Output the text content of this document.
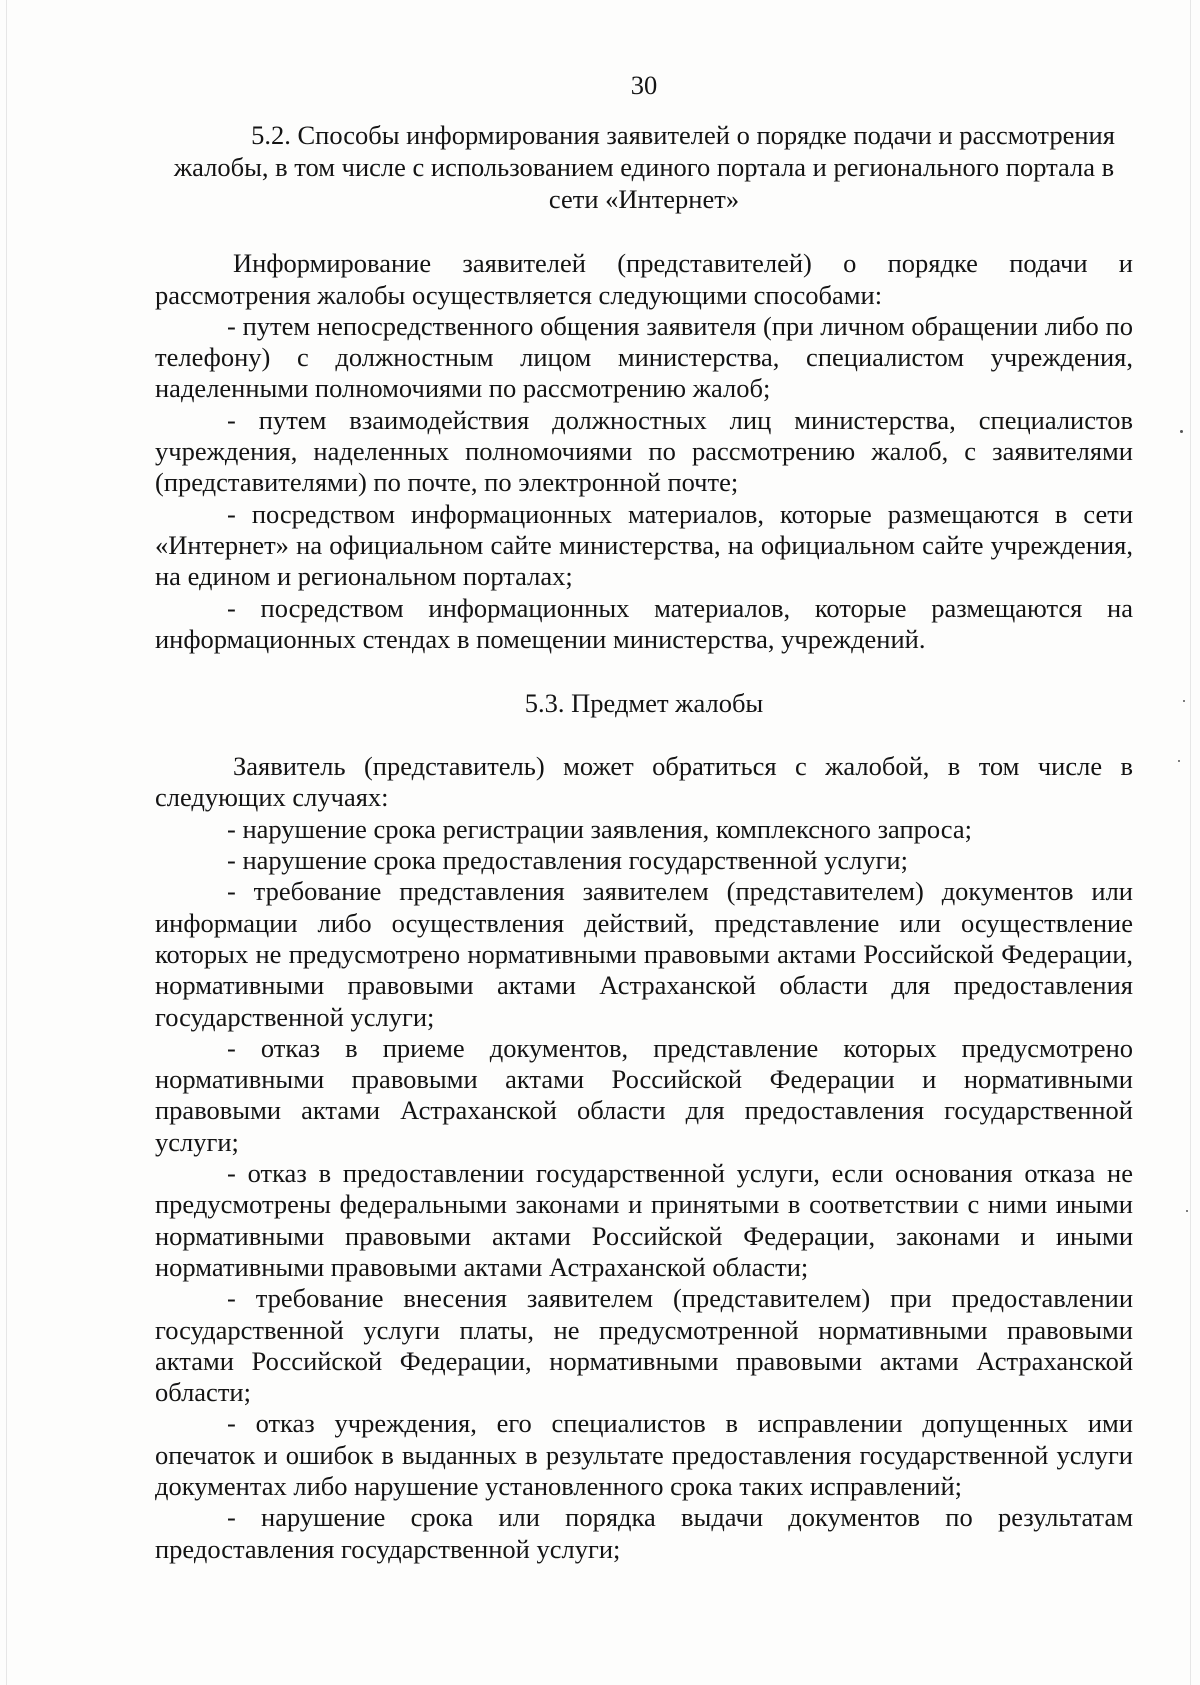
30
5.2. Способы информирования заявителей о порядке подачи и рассмотрения жалобы, в том числе с использованием единого портала и регионального портала в сети «Интернет»

Информирование заявителей (представителей) о порядке подачи и рассмотрения жалобы осуществляется следующими способами:

- путем непосредственного общения заявителя (при личном обращении либо по телефону) с должностным лицом министерства, специалистом учреждения, наделенными полномочиями по рассмотрению жалоб;

- путем взаимодействия должностных лиц министерства, специалистов учреждения, наделенных полномочиями по рассмотрению жалоб, с заявителями (представителями) по почте, по электронной почте;

- посредством информационных материалов, которые размещаются в сети «Интернет» на официальном сайте министерства, на официальном сайте учреждения, на едином и региональном порталах;

- посредством информационных материалов, которые размещаются на информационных стендах в помещении министерства, учреждений.

5.3. Предмет жалобы

Заявитель (представитель) может обратиться с жалобой, в том числе в следующих случаях:

- нарушение срока регистрации заявления, комплексного запроса;

- нарушение срока предоставления государственной услуги;

- требование представления заявителем (представителем) документов или информации либо осуществления действий, представление или осуществление которых не предусмотрено нормативными правовыми актами Российской Федерации, нормативными правовыми актами Астраханской области для предоставления государственной услуги;

- отказ в приеме документов, представление которых предусмотрено нормативными правовыми актами Российской Федерации и нормативными правовыми актами Астраханской области для предоставления государственной услуги;

- отказ в предоставлении государственной услуги, если основания отказа не предусмотрены федеральными законами и принятыми в соответствии с ними иными нормативными правовыми актами Российской Федерации, законами и иными нормативными правовыми актами Астраханской области;

- требование внесения заявителем (представителем) при предоставлении государственной услуги платы, не предусмотренной нормативными правовыми актами Российской Федерации, нормативными правовыми актами Астраханской области;

- отказ учреждения, его специалистов в исправлении допущенных ими опечаток и ошибок в выданных в результате предоставления государственной услуги документах либо нарушение установленного срока таких исправлений;

- нарушение срока или порядка выдачи документов по результатам предоставления государственной услуги;
